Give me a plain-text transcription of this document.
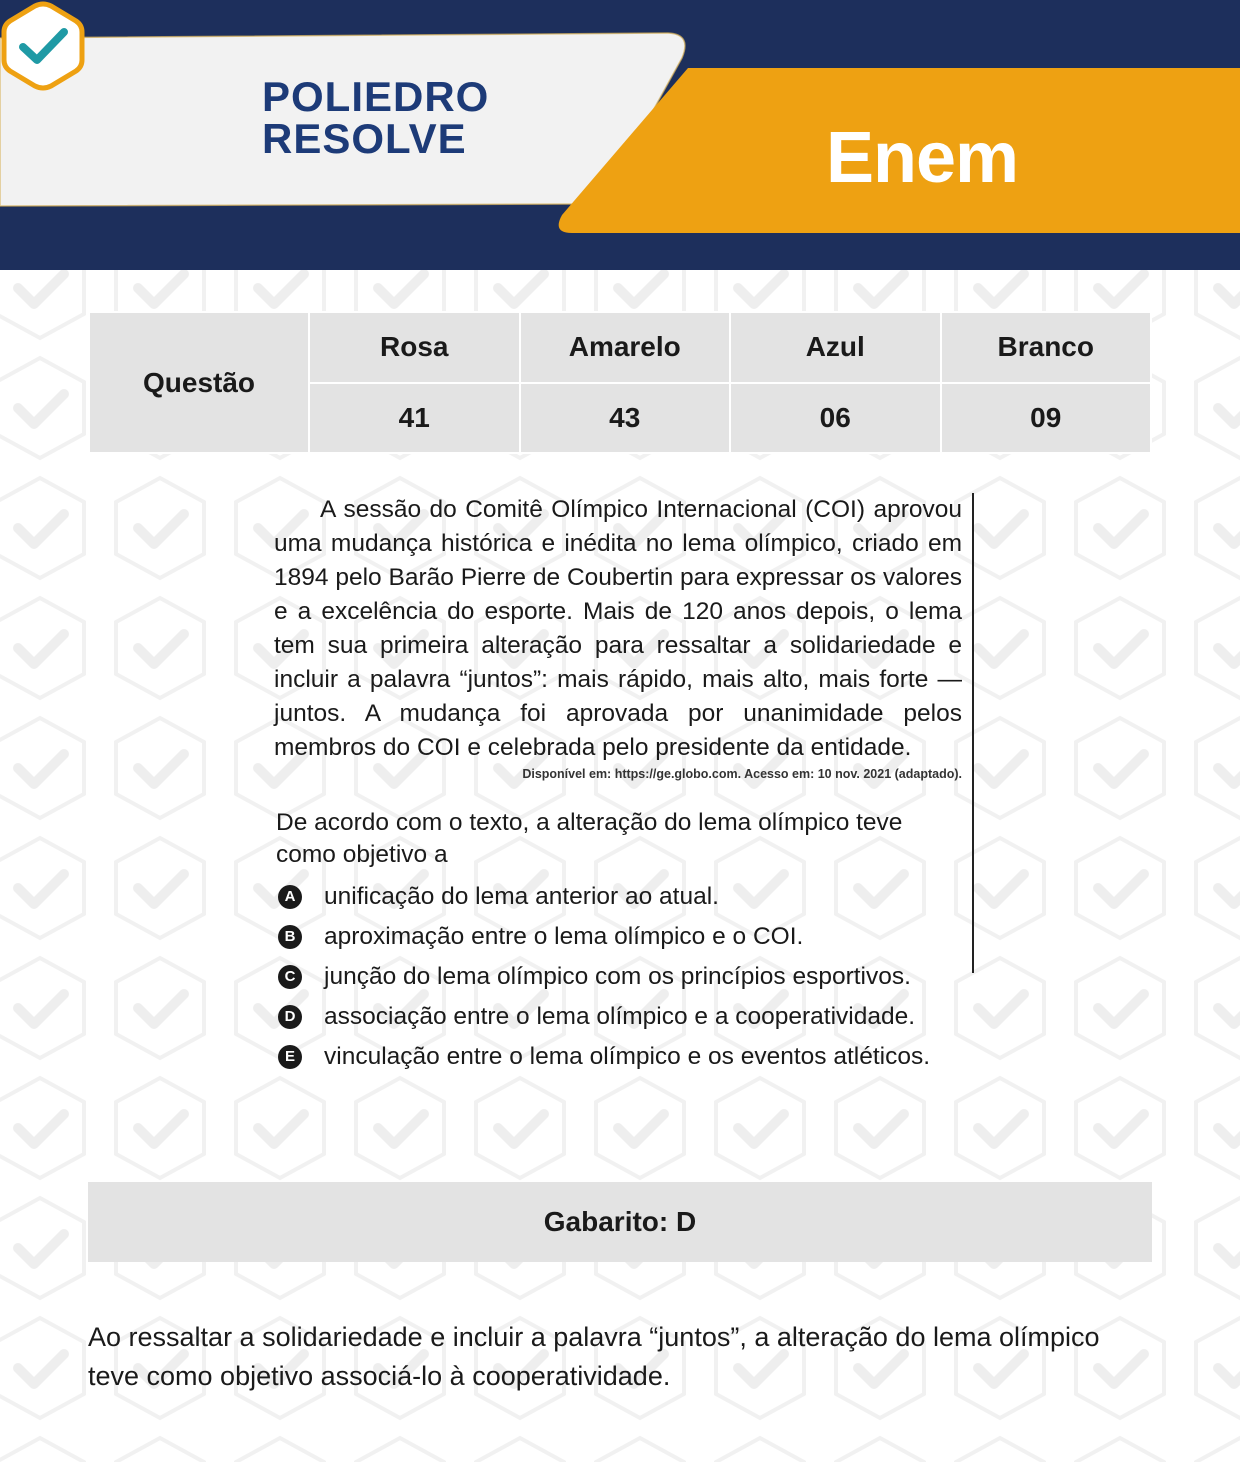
POLIEDRO
RESOLVE	Enem
Questão	Rosa	Amarelo	Azul	Branco
	41	43	06	09

A sessão do Comitê Olímpico Internacional (COI) aprovou uma mudança histórica e inédita no lema olímpico, criado em 1894 pelo Barão Pierre de Coubertin para expressar os valores e a excelência do esporte. Mais de 120 anos depois, o lema tem sua primeira alteração para ressaltar a solidariedade e incluir a palavra “juntos”: mais rápido, mais alto, mais forte — juntos. A mudança foi aprovada por unanimidade pelos membros do COI e celebrada pelo presidente da entidade.

Disponível em: https://ge.globo.com. Acesso em: 10 nov. 2021 (adaptado).

De acordo com o texto, a alteração do lema olímpico teve como objetivo a

A unificação do lema anterior ao atual.
B aproximação entre o lema olímpico e o COI.
C junção do lema olímpico com os princípios esportivos.
D associação entre o lema olímpico e a cooperatividade.
E vinculação entre o lema olímpico e os eventos atléticos.
Gabarito: D

Ao ressaltar a solidariedade e incluir a palavra “juntos”, a alteração do lema olímpico teve como objetivo associá-lo à cooperatividade.
